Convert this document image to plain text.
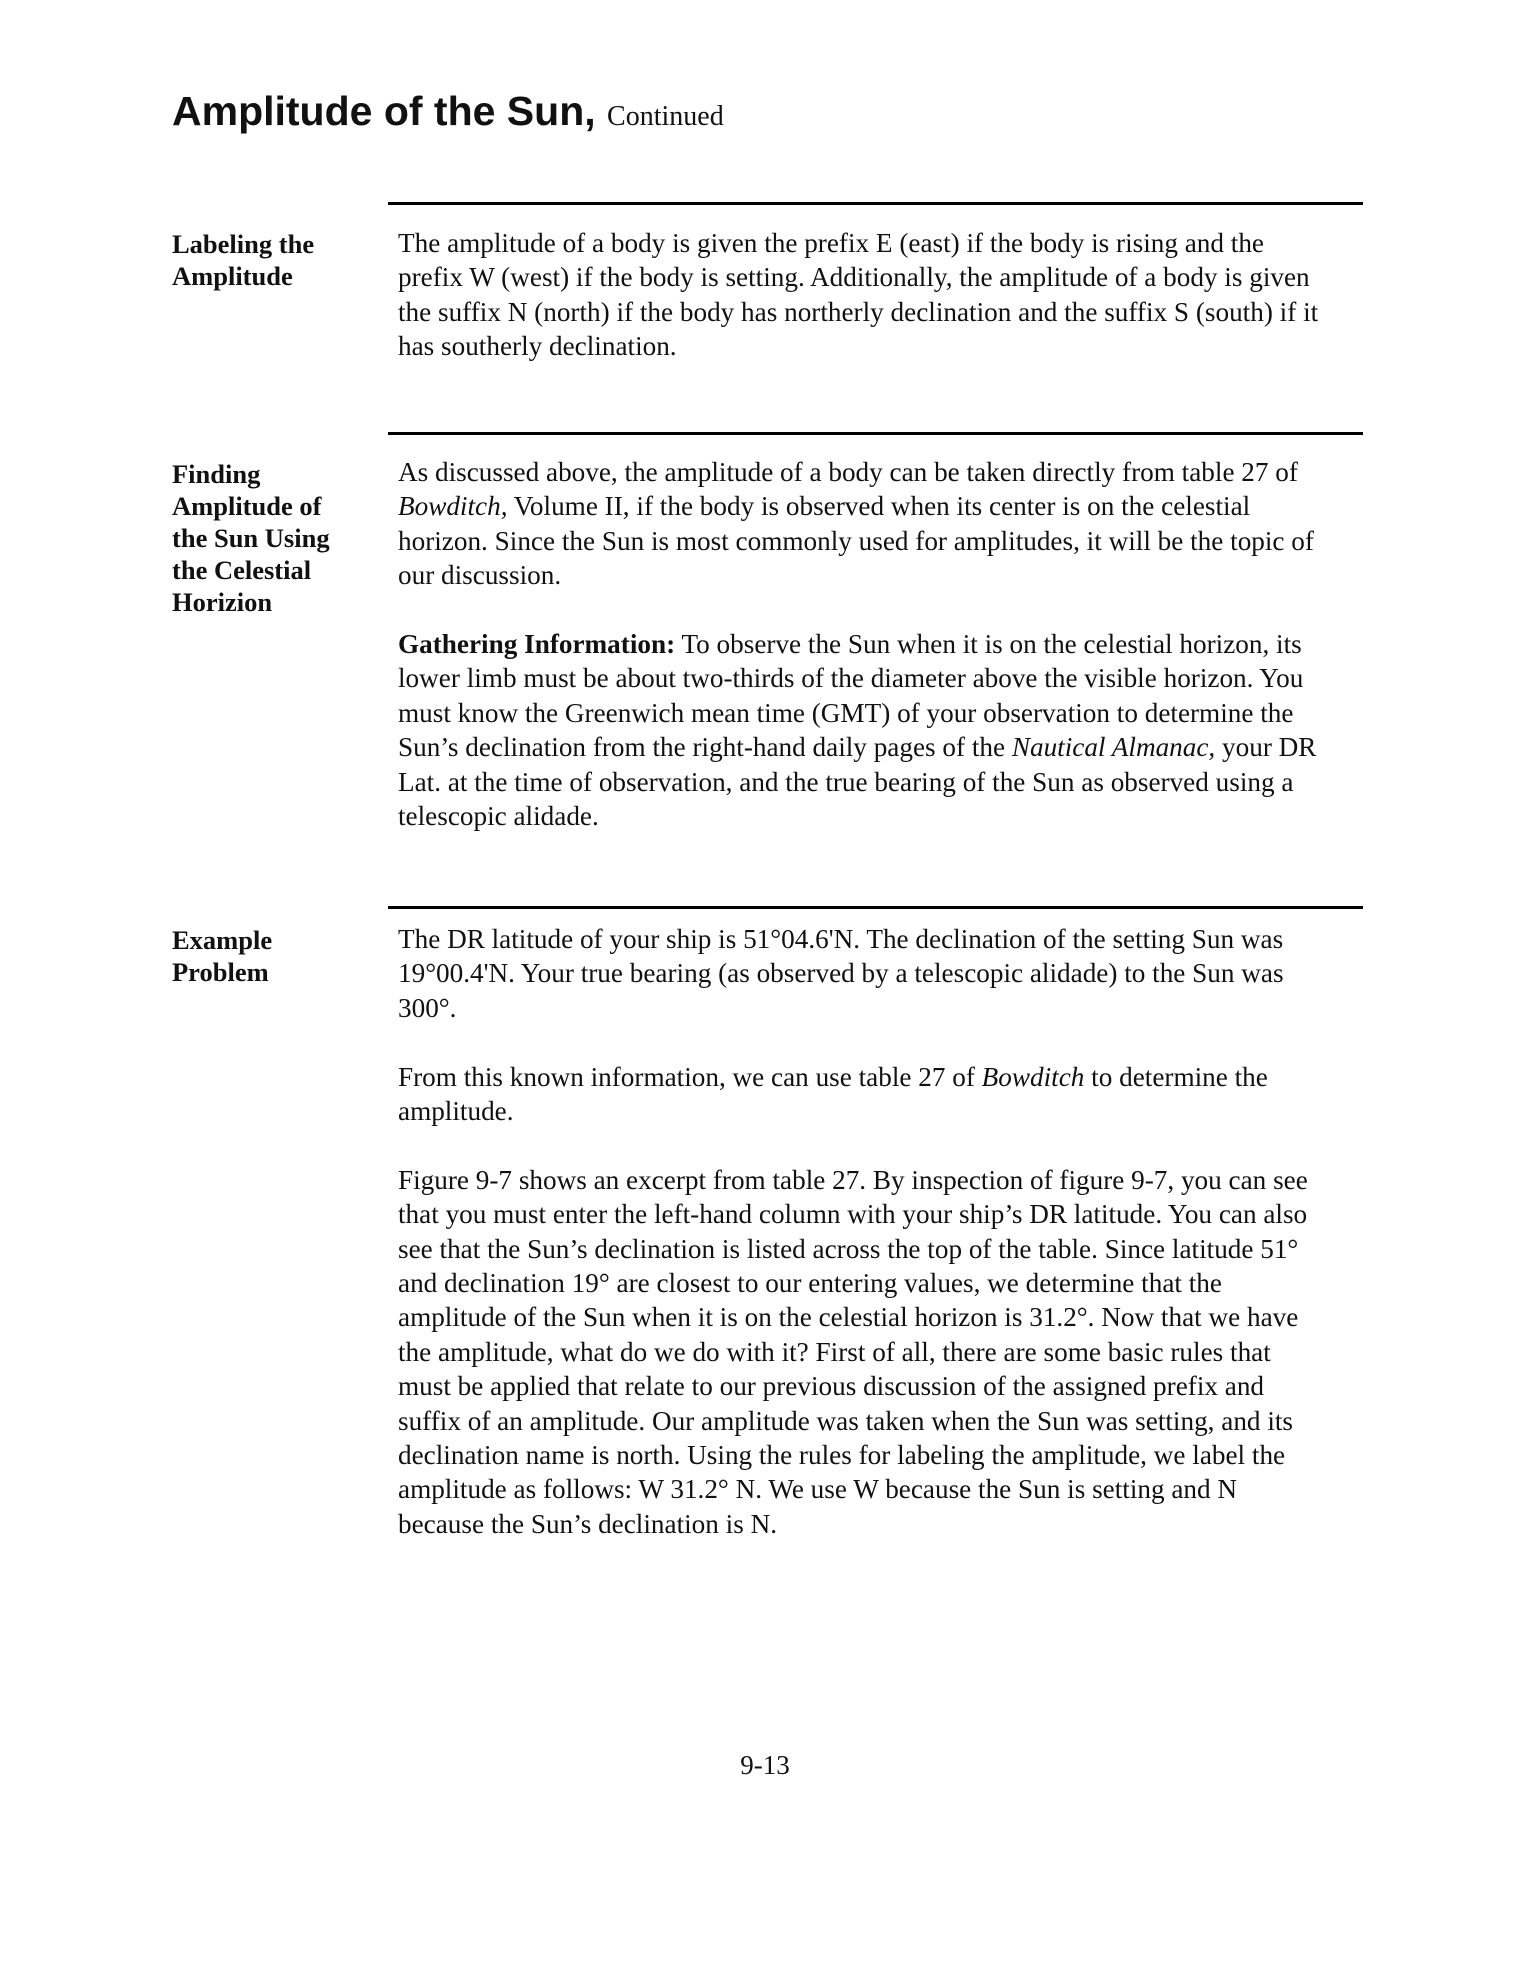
Amplitude of the Sun, Continued
Labeling the Amplitude

The amplitude of a body is given the prefix E (east) if the body is rising and the prefix W (west) if the body is setting. Additionally, the amplitude of a body is given the suffix N (north) if the body has northerly declination and the suffix S (south) if it has southerly declination.

Finding Amplitude of the Sun Using the Celestial Horizion

As discussed above, the amplitude of a body can be taken directly from table 27 of Bowditch, Volume II, if the body is observed when its center is on the celestial horizon. Since the Sun is most commonly used for amplitudes, it will be the topic of our discussion.

Gathering Information: To observe the Sun when it is on the celestial horizon, its lower limb must be about two-thirds of the diameter above the visible horizon. You must know the Greenwich mean time (GMT) of your observation to determine the Sun’s declination from the right-hand daily pages of the Nautical Almanac, your DR Lat. at the time of observation, and the true bearing of the Sun as observed using a telescopic alidade.

Example Problem

The DR latitude of your ship is 51°04.6'N. The declination of the setting Sun was 19°00.4'N. Your true bearing (as observed by a telescopic alidade) to the Sun was 300°.

From this known information, we can use table 27 of Bowditch to determine the amplitude.

Figure 9-7 shows an excerpt from table 27. By inspection of figure 9-7, you can see that you must enter the left-hand column with your ship’s DR latitude. You can also see that the Sun’s declination is listed across the top of the table. Since latitude 51° and declination 19° are closest to our entering values, we determine that the amplitude of the Sun when it is on the celestial horizon is 31.2°. Now that we have the amplitude, what do we do with it? First of all, there are some basic rules that must be applied that relate to our previous discussion of the assigned prefix and suffix of an amplitude. Our amplitude was taken when the Sun was setting, and its declination name is north. Using the rules for labeling the amplitude, we label the amplitude as follows: W 31.2° N. We use W because the Sun is setting and N because the Sun’s declination is N.

9-13
